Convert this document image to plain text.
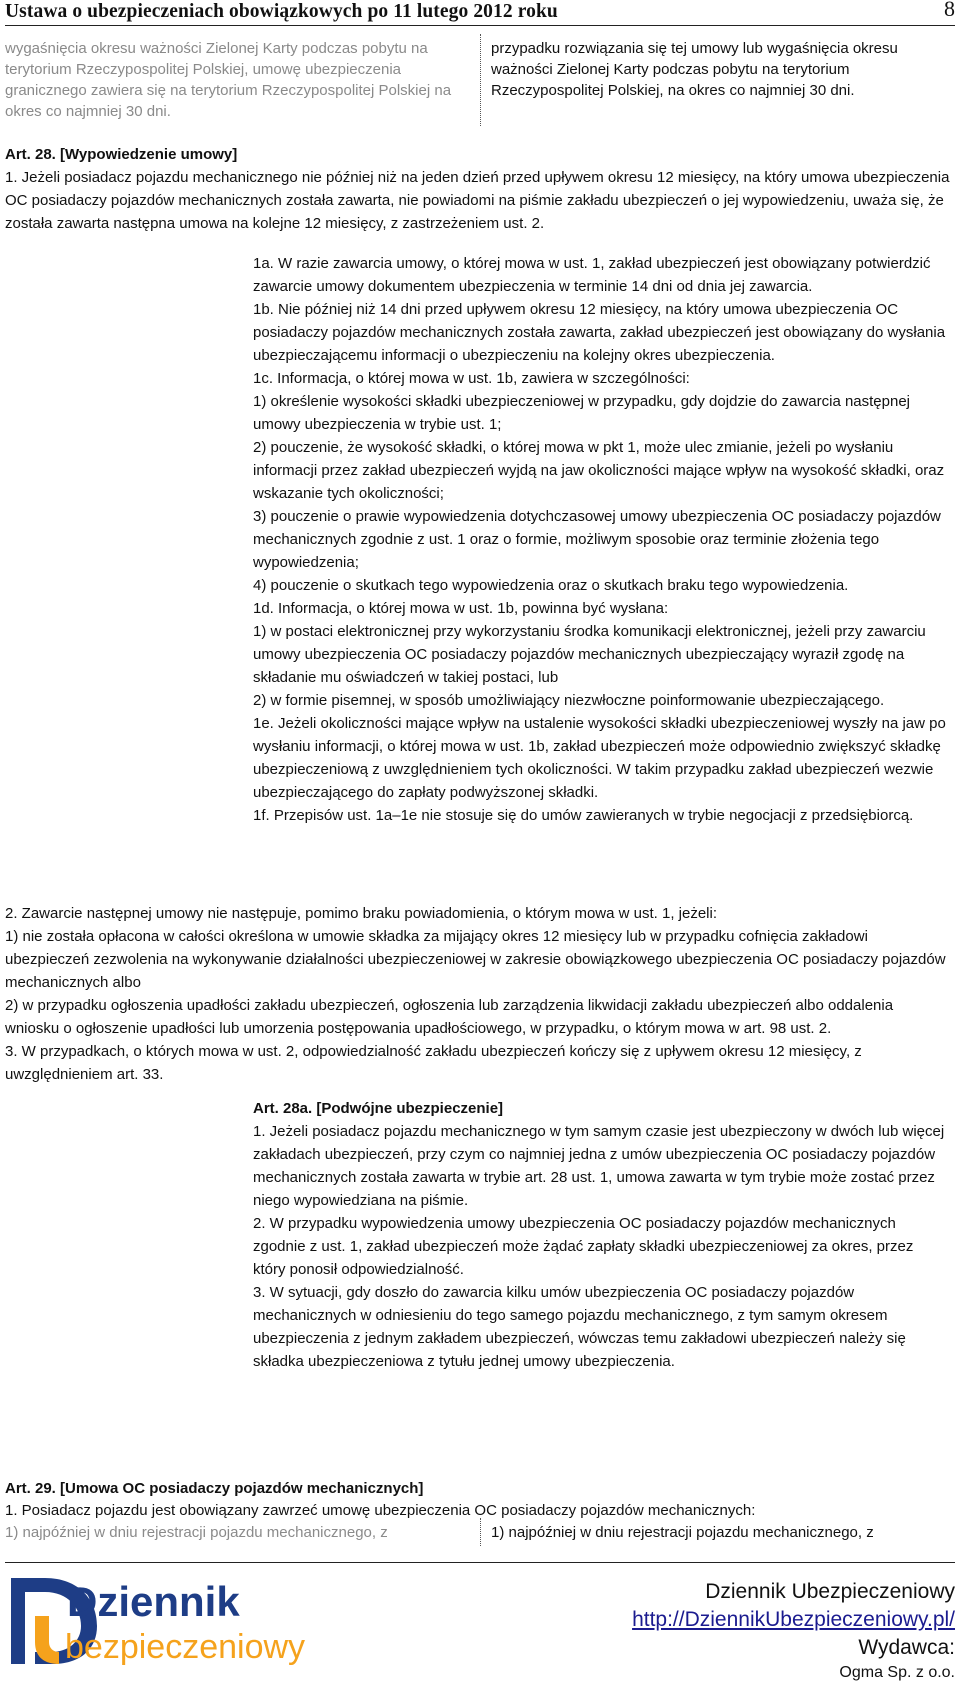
Ustawa o ubezpieczeniach obowiązkowych po 11 lutego 2012 roku	8
wygaśnięcia okresu ważności Zielonej Karty podczas pobytu na terytorium Rzeczypospolitej Polskiej, umowę ubezpieczenia granicznego zawiera się na terytorium Rzeczypospolitej Polskiej na okres co najmniej 30 dni.
przypadku rozwiązania się tej umowy lub wygaśnięcia okresu ważności Zielonej Karty podczas pobytu na terytorium Rzeczypospolitej Polskiej, na okres co najmniej 30 dni.
Art. 28. [Wypowiedzenie umowy]
1. Jeżeli posiadacz pojazdu mechanicznego nie później niż na jeden dzień przed upływem okresu 12 miesięcy, na który umowa ubezpieczenia OC posiadaczy pojazdów mechanicznych została zawarta, nie powiadomi na piśmie zakładu ubezpieczeń o jej wypowiedzeniu, uważa się, że została zawarta następna umowa na kolejne 12 miesięcy, z zastrzeżeniem ust. 2.
1a. W razie zawarcia umowy, o której mowa w ust. 1, zakład ubezpieczeń jest obowiązany potwierdzić zawarcie umowy dokumentem ubezpieczenia w terminie 14 dni od dnia jej zawarcia.
1b. Nie później niż 14 dni przed upływem okresu 12 miesięcy, na który umowa ubezpieczenia OC posiadaczy pojazdów mechanicznych została zawarta, zakład ubezpieczeń jest obowiązany do wysłania ubezpieczającemu informacji o ubezpieczeniu na kolejny okres ubezpieczenia.
1c. Informacja, o której mowa w ust. 1b, zawiera w szczególności:
1) określenie wysokości składki ubezpieczeniowej w przypadku, gdy dojdzie do zawarcia następnej umowy ubezpieczenia w trybie ust. 1;
2) pouczenie, że wysokość składki, o której mowa w pkt 1, może ulec zmianie, jeżeli po wysłaniu informacji przez zakład ubezpieczeń wyjdą na jaw okoliczności mające wpływ na wysokość składki, oraz wskazanie tych okoliczności;
3) pouczenie o prawie wypowiedzenia dotychczasowej umowy ubezpieczenia OC posiadaczy pojazdów mechanicznych zgodnie z ust. 1 oraz o formie, możliwym sposobie oraz terminie złożenia tego wypowiedzenia;
4) pouczenie o skutkach tego wypowiedzenia oraz o skutkach braku tego wypowiedzenia.
1d. Informacja, o której mowa w ust. 1b, powinna być wysłana:
1) w postaci elektronicznej przy wykorzystaniu środka komunikacji elektronicznej, jeżeli przy zawarciu umowy ubezpieczenia OC posiadaczy pojazdów mechanicznych ubezpieczający wyraził zgodę na składanie mu oświadczeń w takiej postaci, lub
2) w formie pisemnej, w sposób umożliwiający niezwłoczne poinformowanie ubezpieczającego.
1e. Jeżeli okoliczności mające wpływ na ustalenie wysokości składki ubezpieczeniowej wyszły na jaw po wysłaniu informacji, o której mowa w ust. 1b, zakład ubezpieczeń może odpowiednio zwiększyć składkę ubezpieczeniową z uwzględnieniem tych okoliczności. W takim przypadku zakład ubezpieczeń wezwie ubezpieczającego do zapłaty podwyższonej składki.
1f. Przepisów ust. 1a–1e nie stosuje się do umów zawieranych w trybie negocjacji z przedsiębiorcą.
2. Zawarcie następnej umowy nie następuje, pomimo braku powiadomienia, o którym mowa w ust. 1, jeżeli:
1) nie została opłacona w całości określona w umowie składka za mijający okres 12 miesięcy lub w przypadku cofnięcia zakładowi ubezpieczeń zezwolenia na wykonywanie działalności ubezpieczeniowej w zakresie obowiązkowego ubezpieczenia OC posiadaczy pojazdów mechanicznych albo
2) w przypadku ogłoszenia upadłości zakładu ubezpieczeń, ogłoszenia lub zarządzenia likwidacji zakładu ubezpieczeń albo oddalenia wniosku o ogłoszenie upadłości lub umorzenia postępowania upadłościowego, w przypadku, o którym mowa w art. 98 ust. 2.
3. W przypadkach, o których mowa w ust. 2, odpowiedzialność zakładu ubezpieczeń kończy się z upływem okresu 12 miesięcy, z uwzględnieniem art. 33.
Art. 28a. [Podwójne ubezpieczenie]
1. Jeżeli posiadacz pojazdu mechanicznego w tym samym czasie jest ubezpieczony w dwóch lub więcej zakładach ubezpieczeń, przy czym co najmniej jedna z umów ubezpieczenia OC posiadaczy pojazdów mechanicznych została zawarta w trybie art. 28 ust. 1, umowa zawarta w tym trybie może zostać przez niego wypowiedziana na piśmie.
2. W przypadku wypowiedzenia umowy ubezpieczenia OC posiadaczy pojazdów mechanicznych zgodnie z ust. 1, zakład ubezpieczeń może żądać zapłaty składki ubezpieczeniowej za okres, przez który ponosił odpowiedzialność.
3. W sytuacji, gdy doszło do zawarcia kilku umów ubezpieczenia OC posiadaczy pojazdów mechanicznych w odniesieniu do tego samego pojazdu mechanicznego, z tym samym okresem ubezpieczenia z jednym zakładem ubezpieczeń, wówczas temu zakładowi ubezpieczeń należy się składka ubezpieczeniowa z tytułu jednej umowy ubezpieczenia.
Art. 29. [Umowa OC posiadaczy pojazdów mechanicznych]
1. Posiadacz pojazdu jest obowiązany zawrzeć umowę ubezpieczenia OC posiadaczy pojazdów mechanicznych:
1) najpóźniej w dniu rejestracji pojazdu mechanicznego, z	1) najpóźniej w dniu rejestracji pojazdu mechanicznego, z
Dziennik
bezpieczeniowy
Dziennik Ubezpieczeniowy
http://DziennikUbezpieczeniowy.pl/
Wydawca:
Ogma Sp. z o.o.
